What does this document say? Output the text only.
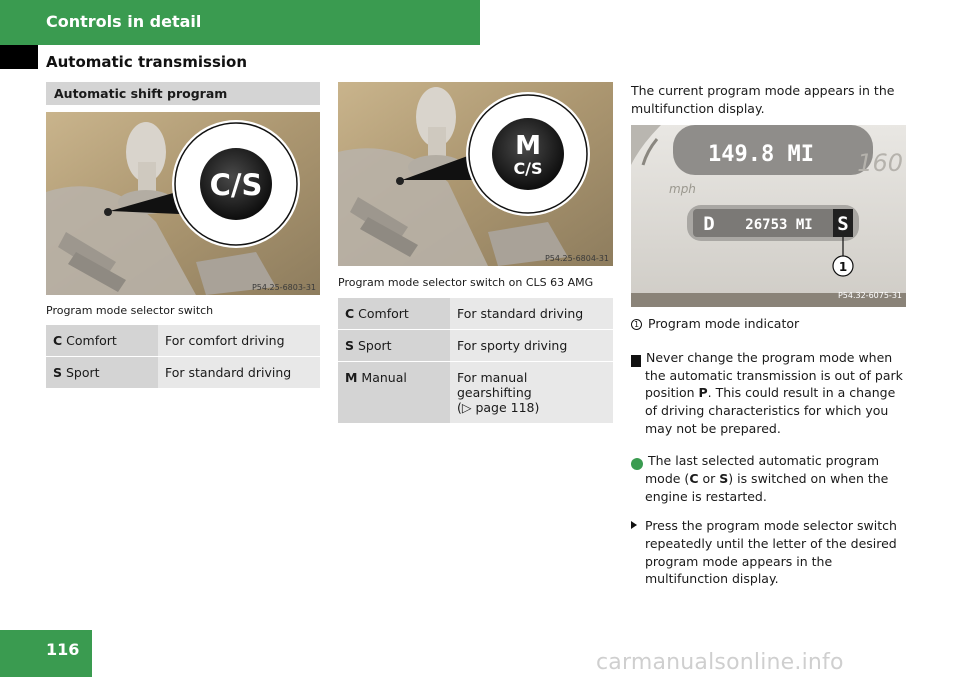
Controls in detail
Automatic transmission
Automatic shift program
C/S
P54.25-6803-31
Program mode selector switch
C Comfort	For comfort driving
S Sport	For standard driving
M
C/S
P54.25-6804-31
Program mode selector switch on CLS 63 AMG
C Comfort	For standard driving
S Sport	For sporty driving
M Manual	For manual gearshifting
(▷ page 118)

The current program mode appears in the multifunction display.

149.8 MI 160
mph
D 26753 MI S
1
P54.32-6075-31

1 Program mode indicator

! Never change the program mode when the automatic transmission is out of park position P. This could result in a change of driving characteristics for which you may not be prepared.

i The last selected automatic program mode (C or S) is switched on when the engine is restarted.

Press the program mode selector switch repeatedly until the letter of the desired program mode appears in the multifunction display.

116
carmanualsonline.info
